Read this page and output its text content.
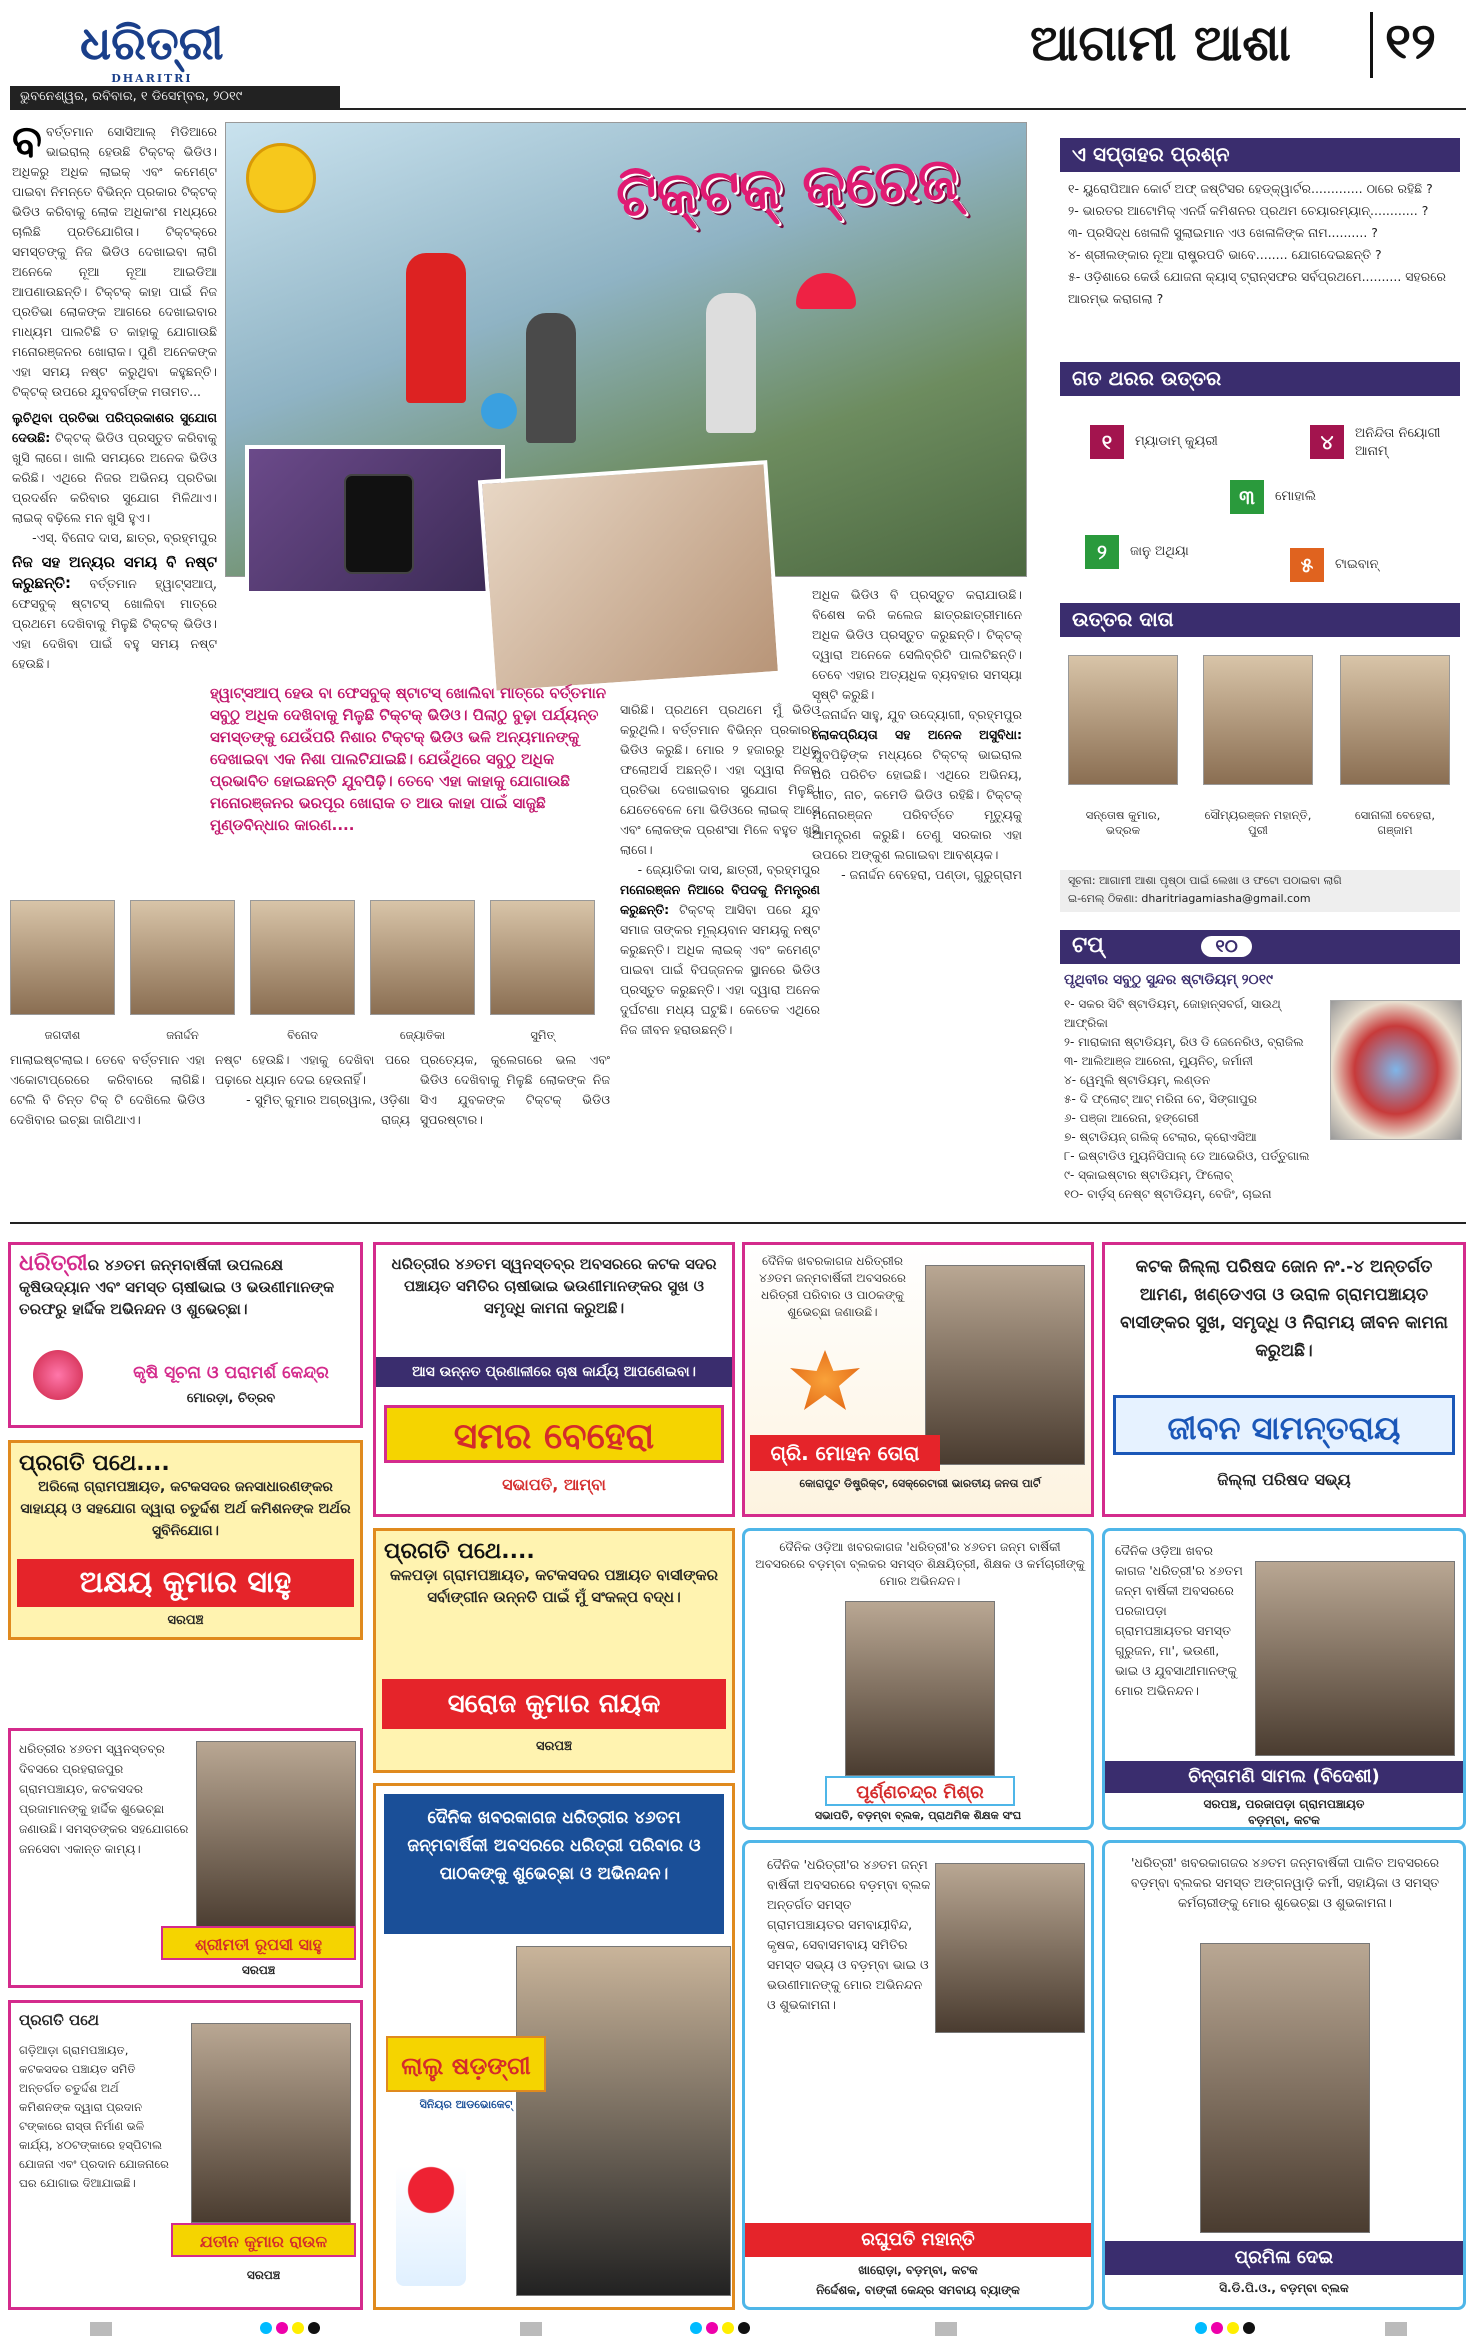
ଧରିତ୍ରୀ
DHARITRI
ଆଗାମୀ ଆଶା	୧୨
ଭୁବନେଶ୍ୱର, ରବିବାର, ୧ ଡିସେମ୍ବର, ୨୦୧୯
ବ ବର୍ତ୍ତମାନ ସୋସିଆଲ୍ ମିଡିଆରେ ଭାଇରାଲ୍ ହେଉଛି ଟିକ୍‌ଟକ୍ ଭିଡିଓ। ଅଧିକରୁ ଅଧିକ ଲାଇକ୍ ଏବଂ କମେଣ୍ଟ ପାଇବା ନିମନ୍ତେ ବିଭିନ୍ନ ପ୍ରକାର ଟିକ୍‌ଟକ୍ ଭିଡିଓ କରିବାକୁ ଲୋକ ଅଧିକାଂଶ ମଧ୍ୟରେ ଚାଲିଛି ପ୍ରତିଯୋଗିତା। ଟିକ୍‌ଟକ୍‌ରେ ସମସ୍ତଙ୍କୁ ନିଜ ଭିଡିଓ ଦେଖାଇବା ଲାଗି ଅନେକେ ନୂଆ ନୂଆ ଆଇଡିଆ ଆପଣାଉଛନ୍ତି। ଟିକ୍‌ଟକ୍ କାହା ପାଇଁ ନିଜ ପ୍ରତିଭା ଲୋକଙ୍କ ଆଗରେ ଦେଖାଇବାର ମାଧ୍ୟମ ପାଲଟିଛି ତ କାହାକୁ ଯୋଗାଉଛି ମନୋରଞ୍ଜନର ଖୋରାକ। ପୁଣି ଅନେକଙ୍କ ଏହା ସମୟ ନଷ୍ଟ କରୁଥିବା କହୁଛନ୍ତି। ଟିକ୍‌ଟକ୍ ଉପରେ ଯୁବବର୍ଗଙ୍କ ମତାମତ...

ଲୁଚିଥିବା ପ୍ରତିଭା ପରିପ୍ରକାଶର ସୁଯୋଗ ଦେଉଛି: ଟିକ୍‌ଟକ୍ ଭିଡିଓ ପ୍ରସ୍ତୁତ କରିବାକୁ ଖୁସି ଲାଗେ। ଖାଲି ସମୟରେ ଅନେକ ଭିଡିଓ କରିଛି। ଏଥିରେ ନିଜର ଅଭିନୟ ପ୍ରତିଭା ପ୍ରଦର୍ଶନ କରିବାର ସୁଯୋଗ ମିଳିଥାଏ। ଲାଇକ୍ ବଢ଼ିଲେ ମନ ଖୁସି ହୁଏ।

-ଏସ୍. ବିନୋଦ ଦାସ, ଛାତ୍ର, ବ୍ରହ୍ମପୁର

ନିଜ ସହ ଅନ୍ୟର ସମୟ ବି ନଷ୍ଟ କରୁଛନ୍ତି: ବର୍ତ୍ତମାନ ହ୍ୱାଟ୍ସଆପ୍, ଫେସବୁକ୍ ଷ୍ଟାଟସ୍ ଖୋଲିବା ମାତ୍ରେ ପ୍ରଥମେ ଦେଖିବାକୁ ମିଳୁଛି ଟିକ୍‌ଟକ୍ ଭିଡିଓ। ଏହା ଦେଖିବା ପାଇଁ ବହୁ ସମୟ ନଷ୍ଟ ହେଉଛି।

ଟିକ୍‌ଟକ୍ କ୍ରେଜ୍
ହ୍ୱାଟ୍ସଆପ୍ ହେଉ ବା ଫେସବୁକ୍ ଷ୍ଟାଟସ୍ ଖୋଲିବା ମାତ୍ରେ ବର୍ତ୍ତମାନ ସବୁଠୁ ଅଧିକ ଦେଖିବାକୁ ମିଳୁଛି ଟିକ୍‌ଟକ୍ ଭିଡିଓ। ପିଲାଠୁ ବୁଢ଼ା ପର୍ଯ୍ୟନ୍ତ ସମସ୍ତଙ୍କୁ ଯେଉଁପରି ନିଶାର ଟିକ୍‌ଟକ୍ ଭିଡିଓ ଭଳି ଅନ୍ୟମାନଙ୍କୁ ଦେଖାଇବା ଏକ ନିଶା ପାଲଟିଯାଇଛି। ଯେଉଁଥିରେ ସବୁଠୁ ଅଧିକ ପ୍ରଭାବିତ ହୋଇଛନ୍ତି ଯୁବପିଢ଼ି। ତେବେ ଏହା କାହାକୁ ଯୋଗାଉଛି ମନୋରଞ୍ଜନର ଭରପୂର ଖୋରାକ ତ ଆଉ କାହା ପାଇଁ ସାଜୁଛି ମୁଣ୍ଡବିନ୍ଧାର କାରଣ....
ସାରିଛି। ପ୍ରଥମେ ପ୍ରଥମେ ମୁଁ ଭିଡିଓ କରୁଥିଲି। ବର୍ତ୍ତମାନ ବିଭିନ୍ନ ପ୍ରକାରର ଭିଡିଓ କରୁଛି। ମୋର ୨ ହଜାରରୁ ଅଧିକ ଫଲୋଅର୍ସ ଅଛନ୍ତି। ଏହା ଦ୍ୱାରା ନିଜର ପ୍ରତିଭା ଦେଖାଇବାର ସୁଯୋଗ ମିଳୁଛି। ଯେତେବେଳେ ମୋ ଭିଡିଓରେ ଲାଇକ୍ ଆସେ ଏବଂ ଲୋକଙ୍କ ପ୍ରଶଂସା ମିଳେ ବହୁତ ଖୁସି ଲାଗେ।

- ଜ୍ୟୋତିକା ଦାସ, ଛାତ୍ରୀ, ବ୍ରହ୍ମପୁର

ମନୋରଞ୍ଜନ ନିଆରେ ବିପଦକୁ ନିମନ୍ତ୍ରଣ କରୁଛନ୍ତି: ଟିକ୍‌ଟକ୍ ଆସିବା ପରେ ଯୁବ ସମାଜ ତାଙ୍କର ମୂଲ୍ୟବାନ ସମୟକୁ ନଷ୍ଟ କରୁଛନ୍ତି। ଅଧିକ ଲାଇକ୍ ଏବଂ କମେଣ୍ଟ ପାଇବା ପାଇଁ ବିପଜ୍ଜନକ ସ୍ଥାନରେ ଭିଡିଓ ପ୍ରସ୍ତୁତ କରୁଛନ୍ତି। ଏହା ଦ୍ୱାରା ଅନେକ ଦୁର୍ଘଟଣା ମଧ୍ୟ ଘଟୁଛି। କେତେକ ଏଥିରେ ନିଜ ଜୀବନ ହରାଉଛନ୍ତି।

ଅଧିକ ଭିଡିଓ ବି ପ୍ରସ୍ତୁତ କରାଯାଉଛି। ବିଶେଷ କରି କଲେଜ ଛାତ୍ରଛାତ୍ରୀମାନେ ଅଧିକ ଭିଡିଓ ପ୍ରସ୍ତୁତ କରୁଛନ୍ତି। ଟିକ୍‌ଟକ୍ ଦ୍ୱାରା ଅନେକେ ସେଲିବ୍ରିଟି ପାଲଟିଛନ୍ତି। ତେବେ ଏହାର ଅତ୍ୟଧିକ ବ୍ୟବହାର ସମସ୍ୟା ସୃଷ୍ଟି କରୁଛି।

-ଜନାର୍ଦ୍ଦନ ସାହୁ, ଯୁବ ଉଦ୍ୟୋଗୀ, ବ୍ରହ୍ମପୁର

ଲୋକପ୍ରିୟତା ସହ ଅନେକ ଅସୁବିଧା: ଯୁବପିଢ଼ିଙ୍କ ମଧ୍ୟରେ ଟିକ୍‌ଟକ୍ ଭାଇରାଲ ପରି ପରିଚିତ ହୋଇଛି। ଏଥିରେ ଅଭିନୟ, ଗୀତ, ନାଚ, କମେଡି ଭିଡିଓ ରହିଛି। ଟିକ୍‌ଟକ୍ ମନୋରଞ୍ଜନ ପରିବର୍ତ୍ତେ ମୃତ୍ୟୁକୁ ଆମନ୍ତ୍ରଣ କରୁଛି। ତେଣୁ ସରକାର ଏହା ଉପରେ ଅଙ୍କୁଶ ଲଗାଇବା ଆବଶ୍ୟକ।

- ଜନାର୍ଦ୍ଦନ ବେହେରା, ପଣ୍ଡା, ଗୁରୁଗ୍ରାମ

ଜଗଦୀଶ	ଜନାର୍ଦ୍ଦନ	ବିନୋଦ	ଜ୍ୟୋତିକା	ସୁମିତ୍
ମାଲାଇଷ୍ଟଲାଇ। ତେବେ ବର୍ତ୍ତମାନ ଏହା ଏକୋଟାପ୍ରେରେ କରିବାରେ ଲାଗିଛି। ଟେଲି ବି ଚିନ୍ତ ଟିକ୍ ଟି ଦେଖିଲେ ଭିଡିଓ ଦେଖିବାର ଇଚ୍ଛା ଜାଗିଥାଏ।
ନଷ୍ଟ ହେଉଛି। ଏହାକୁ ଦେଖିବା ପରେ ପଢ଼ାରେ ଧ୍ୟାନ ଦେଇ ହେଉନାହିଁ।

- ସୁମିତ୍ କୁମାର ଅଗ୍ରୱାଲ, ଓଡ଼ିଶା ରାଜ୍ୟ

ପ୍ରତ୍ୟେକ, କୁଲେଗରେ ଭଲ ଏବଂ ଭିଡିଓ ଦେଖିବାକୁ ମିଳୁଛି ଲୋକଙ୍କ ନିଜ ସିଏ ଯୁବକଙ୍କ ଟିକ୍‌ଟକ୍ ଭିଡିଓ ସୁପରଷ୍ଟାର।
ଏ ସପ୍ତାହର ପ୍ରଶ୍ନ
୧- ୟୁରୋପିଆନ କୋର୍ଟ ଅଫ୍ ଜଷ୍ଟିସର ହେଡ୍‌କ୍ୱାର୍ଟର............. ଠାରେ ରହିଛି ?
୨- ଭାରତର ଆଟୋମିକ୍ ଏନର୍ଜି କମିଶନର ପ୍ରଥମ ଚେୟାରମ୍ୟାନ୍............ ?
୩- ପ୍ରସିଦ୍ଧ ଖେଳାଳି ସୁଲାଇମାନ ଏଓ ଖେଳାଳିଙ୍କ ନାମ.......... ?
୪- ଶ୍ରୀଲଙ୍କାର ନୂଆ ରାଷ୍ଟ୍ରପତି ଭାବେ........ ଯୋଗଦେଇଛନ୍ତି ?
୫- ଓଡ଼ିଶାରେ କେଉଁ ଯୋଜନା କ୍ୟାସ୍ ଟ୍ରାନ୍ସଫର ସର୍ବପ୍ରଥମେ.......... ସହରରେ ଆରମ୍ଭ କରାଗଲା ?
ଗତ ଥରର ଉତ୍ତର
୧	ମ୍ୟାଡାମ୍ କ୍ୟୁରୀ	୪	ଅନିନ୍ଦିତା ନିୟୋଗୀ ଆନାମ୍
୩	ମୋହାଲି
୨	ଜାନୁ ଅଥିୟା
୫	ଟାଇବାନ୍
ଉତ୍ତର ଦାତା
ସନ୍ତୋଷ କୁମାର, ଭଦ୍ରକ
ସୌମ୍ୟରଞ୍ଜନ ମହାନ୍ତି, ପୁରୀ
ସୋନାଲୀ ବେହେରା, ଗଞ୍ଜାମ
ସୂଚନା: ଆଗାମୀ ଆଶା ପୃଷ୍ଠା ପାଇଁ ଲେଖା ଓ ଫଟୋ ପଠାଇବା ଲାଗି
ଇ-ମେଲ୍ ଠିକଣା: dharitriagamiasha@gmail.com
ଟପ୍	୧୦
ପୃଥିବୀର ସବୁଠୁ ସୁନ୍ଦର ଷ୍ଟାଡିୟମ୍ ୨୦୧୯
୧- ସକର ସିଟି ଷ୍ଟାଡିୟମ୍, ଜୋହାନ୍ସବର୍ଗ, ସାଉଥ୍ ଆଫ୍ରିକା
୨- ମାରାକାନା ଷ୍ଟାଡିୟମ୍, ରିଓ ଡି ଜେନେରିଓ, ବ୍ରାଜିଲ
୩- ଆଲିଆଞ୍ଜ ଆରେନା, ମ୍ୟୁନିଚ୍, ଜର୍ମାନୀ
୪- ୱେମ୍ବ୍ଲି ଷ୍ଟାଡିୟମ୍, ଲଣ୍ଡନ
୫- ଦି ଫ୍ଲୋଟ୍ ଆଟ୍ ମରିନା ବେ, ସିଙ୍ଗାପୁର
୬- ପଞ୍ଜା ଆରେନା, ହଙ୍ଗେରୀ
୭- ଷ୍ଟାଡିୟନ୍ ଗଲିକ୍ ଟେଲାର, କ୍ରୋଏସିଆ
୮- ଇଷ୍ଟାଡିଓ ମ୍ୟୁନିସିପାଲ୍ ଡେ ଆଭେରିଓ, ପର୍ତ୍ତୁଗାଲ
୯- ସ୍କାଇଷ୍ଟାର ଷ୍ଟାଡିୟମ୍, ଫିଲୋବ୍
୧୦- ବାର୍ଡ଼ସ୍ ନେଷ୍ଟ ଷ୍ଟାଡିୟମ୍, ବେଜିଂ, ଚାଇନା
ଧରିତ୍ରୀର ୪୬ତମ ଜନ୍ମବାର୍ଷିକୀ ଉପଲକ୍ଷେ କୃଷିଉଦ୍ୟାନ ଏବଂ ସମସ୍ତ ଚାଷୀଭାଇ ଓ ଭଉଣୀମାନଙ୍କ ତରଫରୁ ହାର୍ଦ୍ଦିକ ଅଭିନନ୍ଦନ ଓ ଶୁଭେଚ୍ଛା।
କୃଷି ସୂଚନା ଓ ପରାମର୍ଶ କେନ୍ଦ୍ର
ମୋରଡ଼ା, ଚିତ୍ରବ
ଧରିତ୍ରୀର ୪୬ତମ ସ୍ୱନସ୍ତବ୍ର ଅବସରରେ କଟକ ସଦର ପଞ୍ଚାୟତ ସମିତିର ଚାଷୀଭାଇ ଭଉଣୀମାନଙ୍କର ସୁଖ ଓ ସମୃଦ୍ଧି କାମନା କରୁଅଛି।
ଆସ ଉନ୍ନତ ପ୍ରଣାଳୀରେ ଚାଷ କାର୍ଯ୍ୟ ଆପଣେଇବା।
ସମର ବେହେରା
ସଭାପତି, ଆମ୍ବା
ଦୈନିକ ଖବରକାଗଜ ଧରିତ୍ରୀର ୪୬ତମ ଜନ୍ମବାର୍ଷିକୀ ଅବସରରେ ଧରିତ୍ରୀ ପରିବାର ଓ ପାଠକଙ୍କୁ ଶୁଭେଚ୍ଛା ଜଣାଉଛି।
ଗ୍ରି. ମୋହନ ତୋରା
କୋରାପୁଟ ଡିଷ୍ଟ୍ରିକ୍ଟ, ସେକ୍ରେଟାରୀ ଭାରତୀୟ ଜନତା ପାର୍ଟି
କଟକ ଜିଲ୍ଲା ପରିଷଦ ଜୋନ ନଂ.-୪ ଅନ୍ତର୍ଗତ ଆମଣ, ଖଣ୍ଡେଏତା ଓ ଉରାଳ ଗ୍ରାମପଞ୍ଚାୟତ ବାସୀଙ୍କର ସୁଖ, ସମୃଦ୍ଧି ଓ ନିରାମୟ ଜୀବନ କାମନା କରୁଅଛି।
ଜୀବନ ସାମନ୍ତରାୟ
ଜିଲ୍ଲା ପରିଷଦ ସଭ୍ୟ
ପ୍ରଗତି ପଥେ....
ଅରିଲୋ ଗ୍ରାମପଞ୍ଚାୟତ, କଟକସଦର ଜନସାଧାରଣଙ୍କର ସାହାଯ୍ୟ ଓ ସହଯୋଗ ଦ୍ୱାରା ଚତୁର୍ଦ୍ଦଶ ଅର୍ଥ କମିଶନଙ୍କ ଅର୍ଥର ସୁବିନିଯୋଗ।
ଅକ୍ଷୟ କୁମାର ସାହୁ
ସରପଞ୍ଚ
ପ୍ରଗତି ପଥେ....
କଳପଡ଼ା ଗ୍ରାମପଞ୍ଚାୟତ, କଟକସଦର ପଞ୍ଚାୟତ ବାସୀଙ୍କର ସର୍ବାଙ୍ଗୀନ ଉନ୍ନତି ପାଇଁ ମୁଁ ସଂକଳ୍ପ ବଦ୍ଧ।
ସରୋଜ କୁମାର ନାୟକ
ସରପଞ୍ଚ
ଦୈନିକ ଓଡ଼ିଆ ଖବରକାଗଜ 'ଧରିତ୍ରୀ'ର ୪୬ତମ ଜନ୍ମ ବାର୍ଷିକୀ ଅବସରରେ ବଡ଼ମ୍ବା ବ୍ଲକର ସମସ୍ତ ଶିକ୍ଷୟିତ୍ରୀ, ଶିକ୍ଷକ ଓ କର୍ମଚାରୀଙ୍କୁ ମୋର ଅଭିନନ୍ଦନ।
ପୂର୍ଣ୍ଣଚନ୍ଦ୍ର ମିଶ୍ର
ସଭାପତି, ବଡ଼ମ୍ବା ବ୍ଲକ, ପ୍ରାଥମିକ ଶିକ୍ଷକ ସଂଘ
ଦୈନିକ ଓଡ଼ିଆ ଖବର କାଗଜ 'ଧରିତ୍ରୀ'ର ୪୬ତମ ଜନ୍ମ ବାର୍ଷିକୀ ଅବସରରେ ପରଜାପଡ଼ା ଗ୍ରାମପଞ୍ଚାୟତର ସମସ୍ତ ଗୁରୁଜନ, ମା', ଭଉଣୀ, ଭାଇ ଓ ଯୁବସାଥୀମାନଙ୍କୁ ମୋର ଅଭିନନ୍ଦନ।
ଚିନ୍ତାମଣି ସାମଲ (ବିଦେଶୀ)
ସରପଞ୍ଚ, ପରଜାପଡ଼ା ଗ୍ରାମପଞ୍ଚାୟତ
ବଡ଼ମ୍ବା, କଟକ
ଧରିତ୍ରୀର ୪୬ତମ ସ୍ୱନସ୍ତବ୍ର ଦିବସରେ ପ୍ରହରାଜପୁର ଗ୍ରାମପଞ୍ଚାୟତ, କଟକସଦର ପ୍ରଜାମାନଙ୍କୁ ହାର୍ଦ୍ଦିକ ଶୁଭେଚ୍ଛା ଜଣାଉଛି। ସମସ୍ତଙ୍କର ସହଯୋଗରେ ଜନସେବା ଏକାନ୍ତ କାମ୍ୟ।
ଶ୍ରୀମତୀ ରୂପସୀ ସାହୁ
ସରପଞ୍ଚ
ଦୈନିକ ଖବରକାଗଜ ଧରିତ୍ରୀର ୪୬ତମ ଜନ୍ମବାର୍ଷିକୀ ଅବସରରେ ଧରିତ୍ରୀ ପରିବାର ଓ ପାଠକଙ୍କୁ ଶୁଭେଚ୍ଛା ଓ ଅଭିନନ୍ଦନ।
ଲାଲୁ ଷଡ଼ଙ୍ଗୀ
ସିନିୟର ଆଡଭୋକେଟ୍
ଦୈନିକ 'ଧରିତ୍ରୀ'ର ୪୬ତମ ଜନ୍ମ ବାର୍ଷିକୀ ଅବସରରେ ବଡ଼ମ୍ବା ବ୍ଲକ ଅନ୍ତର୍ଗତ ସମସ୍ତ ଗ୍ରାମପଞ୍ଚାୟତର ସମବାୟୀବିନ୍ଦ, କୃଷକ, ସେବାସମବାୟ ସମିତିର ସମସ୍ତ ସଭ୍ୟ ଓ ବଡ଼ମ୍ବା ଭାଇ ଓ ଭଉଣୀମାନଙ୍କୁ ମୋର ଅଭିନନ୍ଦନ ଓ ଶୁଭକାମନା।
ରଘୁପତି ମହାନ୍ତି
ଖାରୋଡ଼ା, ବଡ଼ମ୍ବା, କଟକ
ନିର୍ଦ୍ଦେଶକ, ବାଙ୍କୀ କେନ୍ଦ୍ର ସମବାୟ ବ୍ୟାଙ୍କ
'ଧରିତ୍ରୀ' ଖବରକାଗଜର ୪୬ତମ ଜନ୍ମବାର୍ଷିକୀ ପାଳିତ ଅବସରରେ ବଡ଼ମ୍ବା ବ୍ଲକର ସମସ୍ତ ଅଙ୍ଗନୱାଡ଼ି କର୍ମୀ, ସହାୟିକା ଓ ସମସ୍ତ କର୍ମଚାରୀଙ୍କୁ ମୋର ଶୁଭେଚ୍ଛା ଓ ଶୁଭକାମନା।
ପ୍ରମିଳା ଦେଇ
ସି.ଡି.ପି.ଓ., ବଡ଼ମ୍ବା ବ୍ଲକ
ପ୍ରଗତି ପଥେ
ଗଡ଼ିଆଡ଼ା ଗ୍ରାମପଞ୍ଚାୟତ, କଟକସଦର ପଞ୍ଚାୟତ ସମିତି ଅନ୍ତର୍ଗତ ଚତୁର୍ଦ୍ଦଶ ଅର୍ଥ କମିଶନଙ୍କ ଦ୍ୱାରା ପ୍ରଦାନ ଟଙ୍କାରେ ରାସ୍ତା ନିର୍ମାଣ ଭଳି କାର୍ଯ୍ୟ, ୪୦ଟଙ୍କାରେ ହସ୍ପିଟାଲ ଯୋଜନା ଏବଂ ପ୍ରଦାନ ଯୋଜନାରେ ଘର ଯୋଗାଇ ଦିଆଯାଇଛି।
ଯତୀନ କୁମାର ରାଉଳ
ସରପଞ୍ଚ
